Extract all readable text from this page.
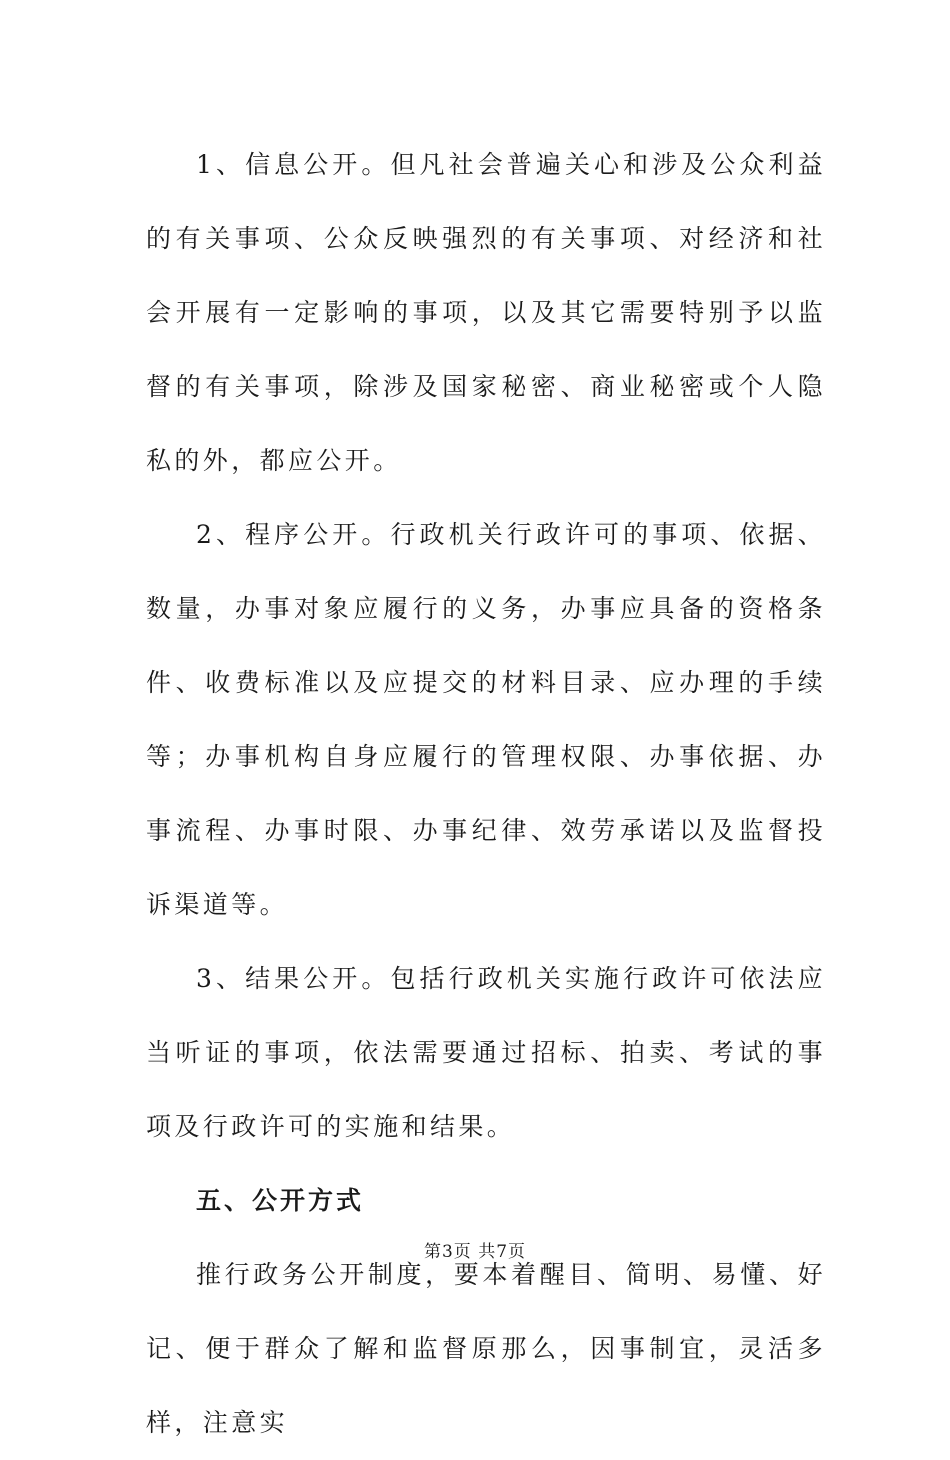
1、信息公开。但凡社会普遍关心和涉及公众利益的有关事项、公众反映强烈的有关事项、对经济和社会开展有一定影响的事项，以及其它需要特别予以监督的有关事项，除涉及国家秘密、商业秘密或个人隐私的外，都应公开。

2、程序公开。行政机关行政许可的事项、依据、数量，办事对象应履行的义务，办事应具备的资格条件、收费标准以及应提交的材料目录、应办理的手续等；办事机构自身应履行的管理权限、办事依据、办事流程、办事时限、办事纪律、效劳承诺以及监督投诉渠道等。

3、结果公开。包括行政机关实施行政许可依法应当听证的事项，依法需要通过招标、拍卖、考试的事项及行政许可的实施和结果。

五、公开方式

推行政务公开制度，要本着醒目、简明、易懂、好记、便于群众了解和监督原那么，因事制宜，灵活多样，注意实

第3页 共7页
